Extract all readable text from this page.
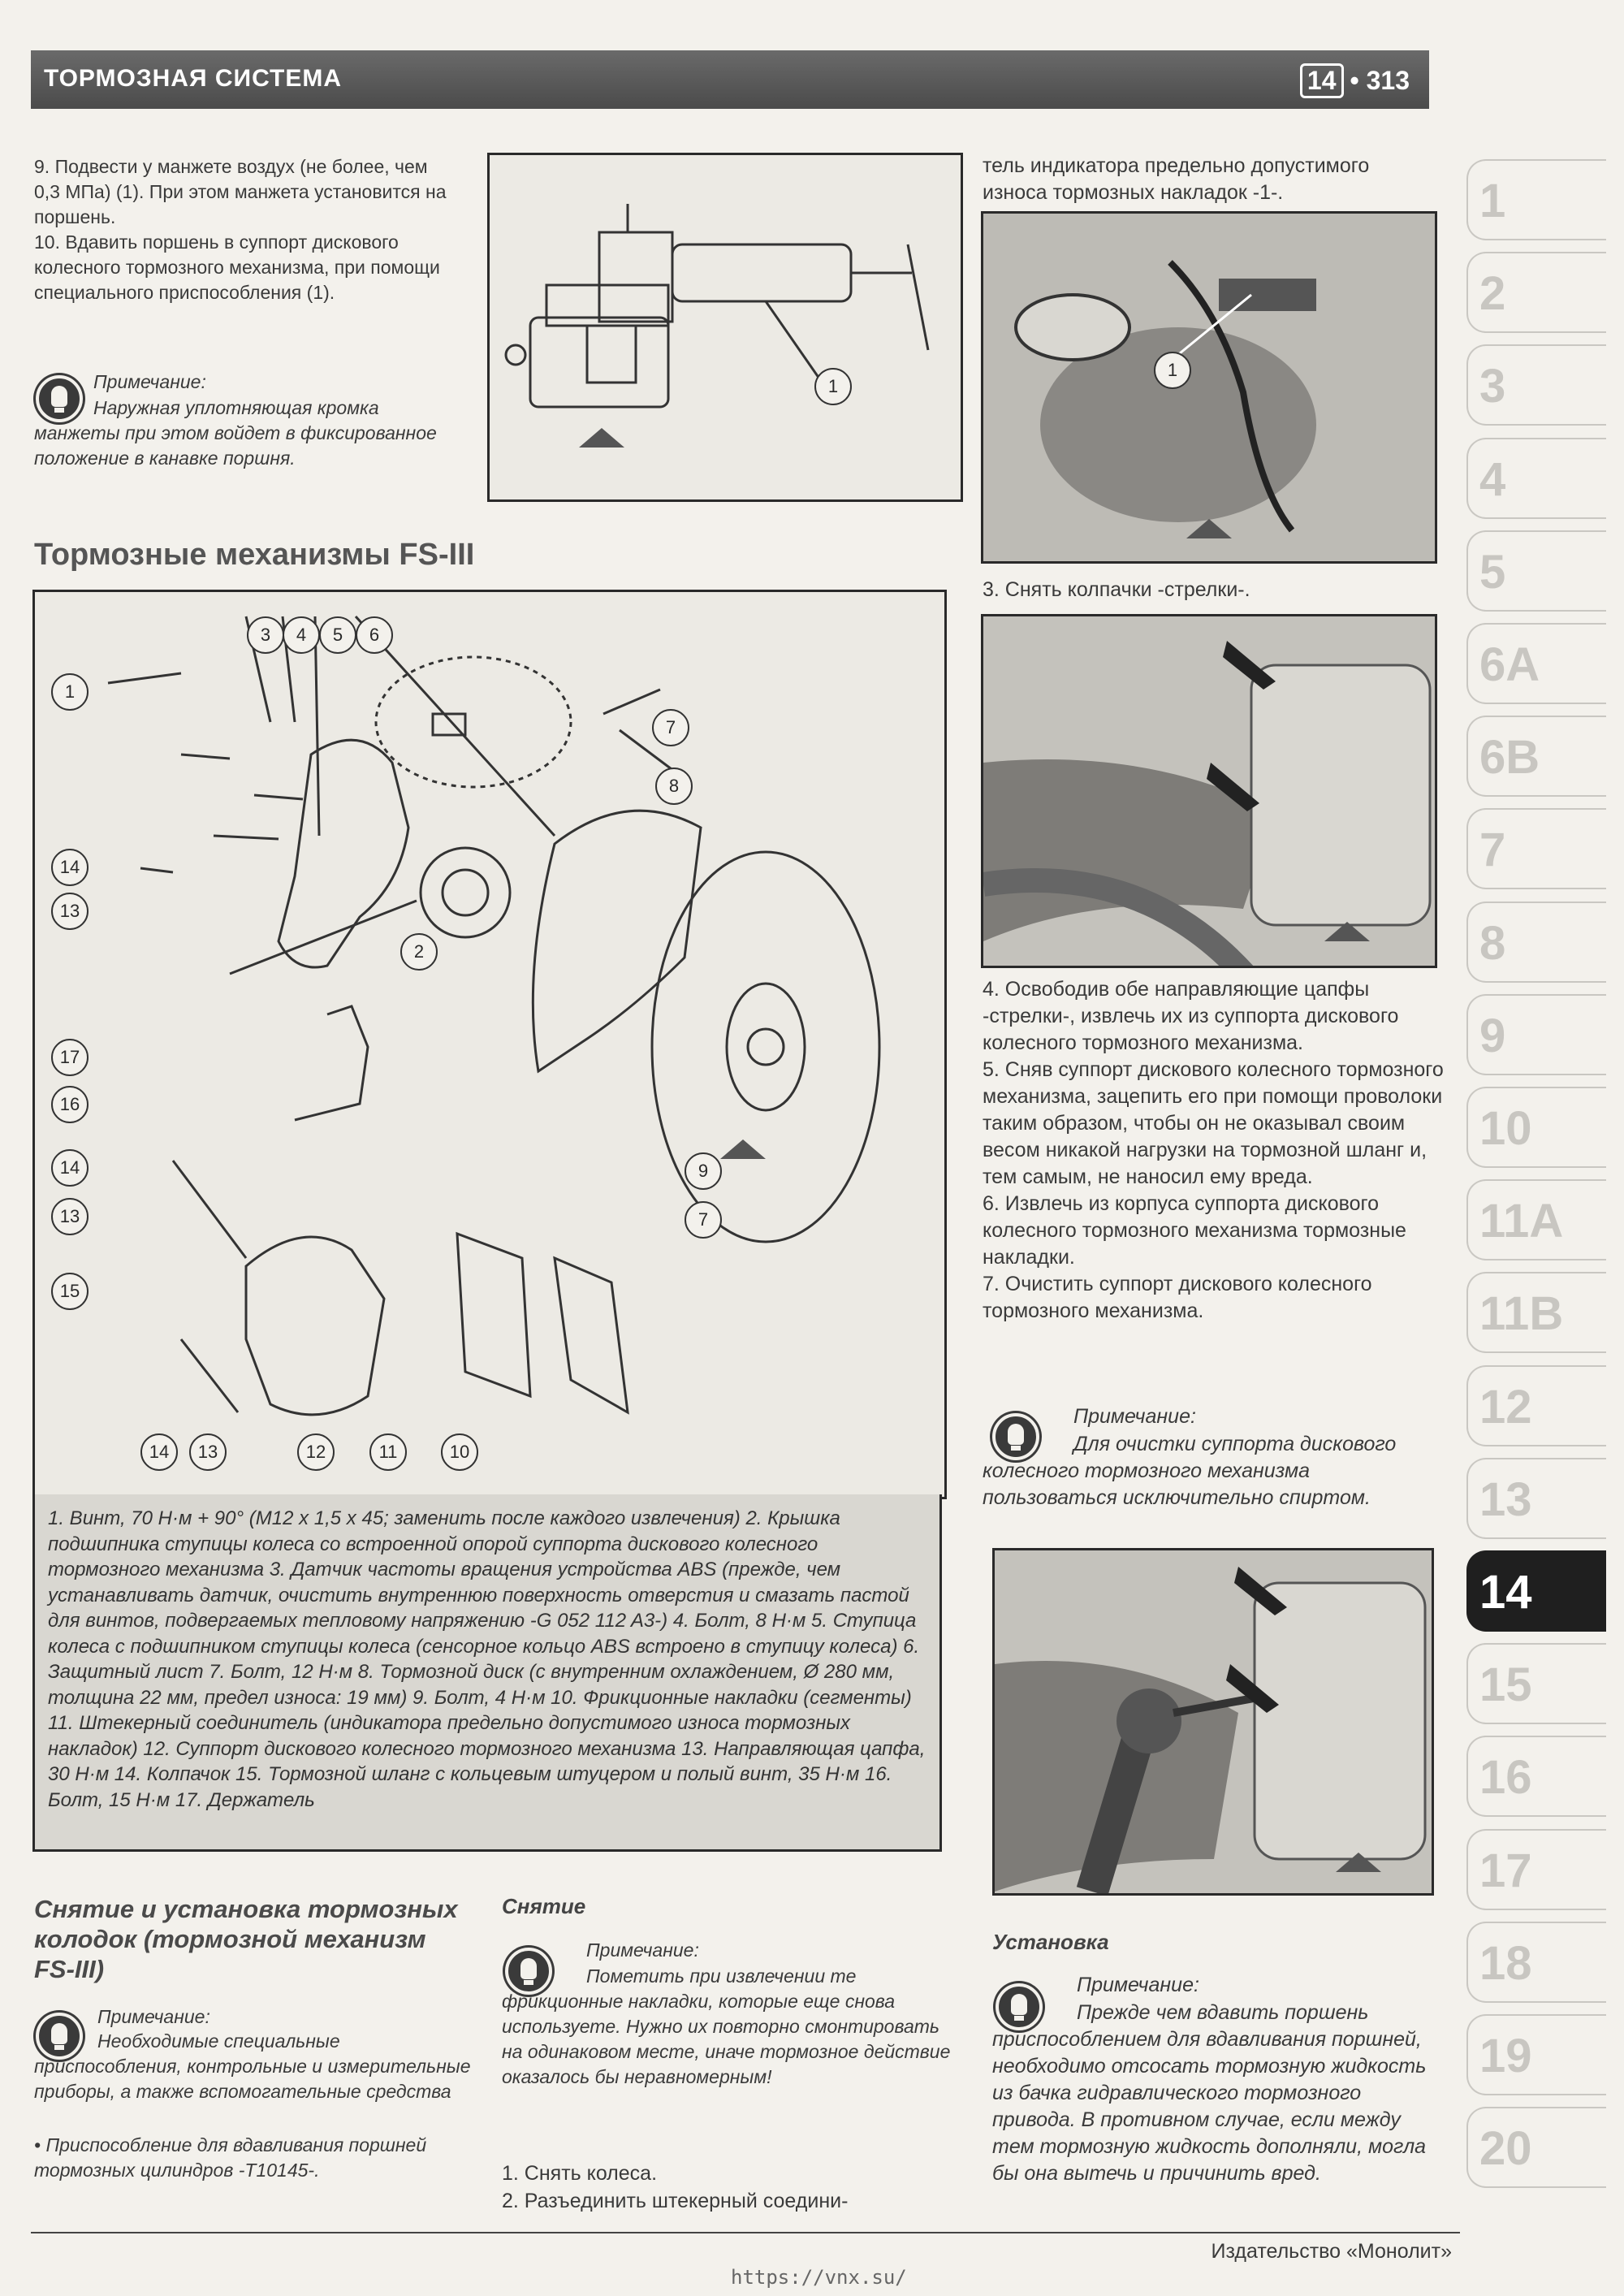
ТОРМОЗНАЯ СИСТЕМА	14 • 313
9. Подвести у манжете воздух (не более, чем 0,3 МПа) (1). При этом манжета установится на поршень.
10. Вдавить поршень в суппорт дискового колесного тормозного механизма, при помощи специального приспособления (1).
Примечание:
Наружная уплотняющая кромка манжеты при этом войдет в фиксированное положение в канавке поршня.
1
Тормозные механизмы FS-III
3	4	5	6
1
14
13
2
7
8
17
16
9
7
14
13
15
14	13	12	11	10

1. Винт, 70 Н·м + 90° (M12 x 1,5 x 45; заменить после каждого извлечения) 2. Крышка подшипника ступицы колеса со встроенной опорой суппорта дискового колесного тормозного механизма 3. Датчик частоты вращения устройства ABS (прежде, чем устанавливать датчик, очистить внутреннюю поверхность отверстия и смазать пастой для винтов, подвергаемых тепловому напряжению -G 052 112 A3-) 4. Болт, 8 Н·м 5. Ступица колеса с подшипником ступицы колеса (сенсорное кольцо ABS встроено в ступицу колеса) 6. Защитный лист 7. Болт, 12 Н·м 8. Тормозной диск (с внутренним охлаждением, Ø 280 мм, толщина 22 мм, предел износа: 19 мм) 9. Болт, 4 Н·м 10. Фрикционные накладки (сегменты) 11. Штекерный соединитель (индикатора предельно допустимого износа тормозных накладок) 12. Суппорт дискового колесного тормозного механизма 13. Направляющая цапфа, 30 Н·м 14. Колпачок 15. Тормозной шланг с кольцевым штуцером и полый винт, 35 Н·м 16. Болт, 15 Н·м 17. Держатель

Снятие и установка тормозных колодок (тормозной механизм FS-III)
Примечание:
Необходимые специальные приспособления, контрольные и измерительные приборы, а также вспомогательные средства
• Приспособление для вдавливания поршней тормозных цилиндров -T10145-.
Снятие
Примечание:
Пометить при извлечении те фрикционные накладки, которые еще снова используете. Нужно их повторно смонтировать на одинаковом месте, иначе тормозное действие оказалось бы неравномерным!
1. Снять колеса.
2. Разъединить штекерный соедини-
тель индикатора предельно допустимого износа тормозных накладок -1-.
1
3. Снять колпачки -стрелки-.
4. Освободив обе направляющие цапфы -стрелки-, извлечь их из суппорта дискового колесного тормозного механизма.
5. Сняв суппорт дискового колесного тормозного механизма, зацепить его при помощи проволоки таким образом, чтобы он не оказывал своим весом никакой нагрузки на тормозной шланг и, тем самым, не наносил ему вреда.
6. Извлечь из корпуса суппорта дискового колесного тормозного механизма тормозные накладки.
7. Очистить суппорт дискового колесного тормозного механизма.
Примечание:
Для очистки суппорта дискового колесного тормозного механизма пользоваться исключительно спиртом.
Установка
Примечание:
Прежде чем вдавить поршень приспособлением для вдавливания поршней, необходимо отсосать тормозную жидкость из бачка гидравлического тормозного привода. В противном случае, если между тем тормозную жидкость дополняли, могла бы она вытечь и причинить вред.
1
2
3
4
5
6A
6B
7
8
9
10
11A
11B
12
13
14
15
16
17
18
19
20
Издательство «Монолит»
https://vnx.su/
